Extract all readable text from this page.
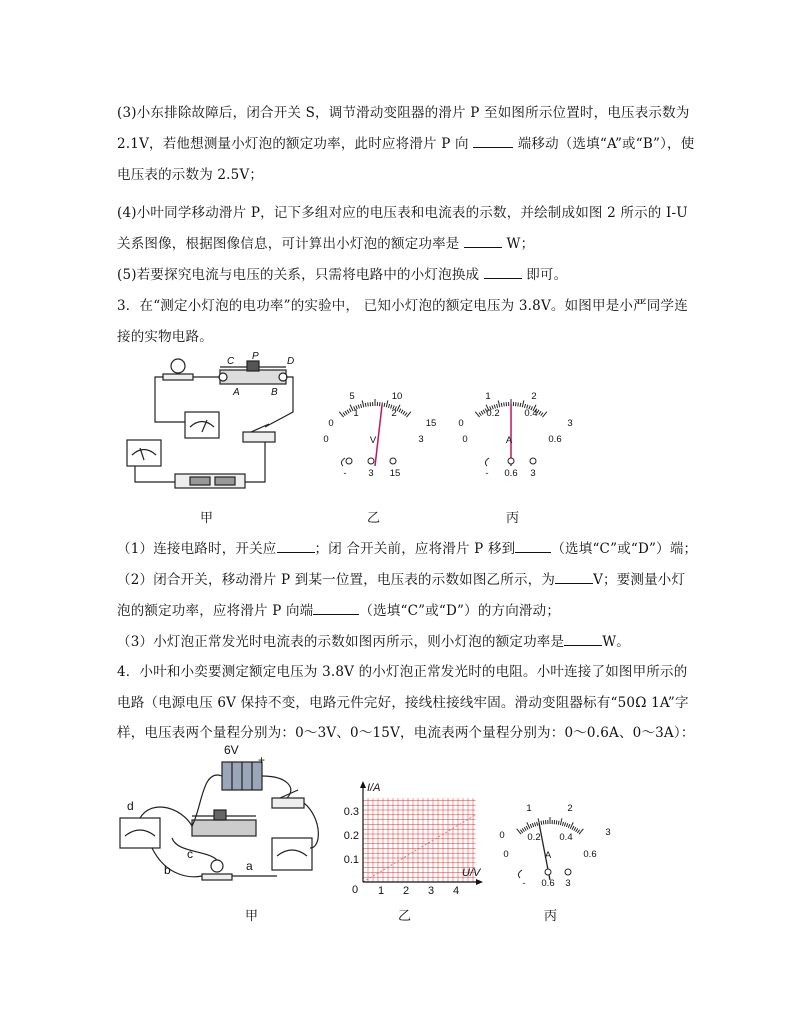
(3)小东排除故障后，闭合开关 S，调节滑动变阻器的滑片 P 至如图所示位置时，电压表示数为
2.1V，若他想测量小灯泡的额定功率，此时应将滑片 P 向	端移动（选填“A”或“B”），使
电压表的示数为 2.5V；
(4)小叶同学移动滑片 P，记下多组对应的电压表和电流表的示数，并绘制成如图 2 所示的 I-U
关系图像，根据图像信息，可计算出小灯泡的额定功率是	W；
(5)若要探究电流与电压的关系，只需将电路中的小灯泡换成	即可。
3．在“测定小灯泡的电功率”的实验中， 已知小灯泡的额定电压为 3.8V。如图甲是小严同学连
接的实物电路。
C P	D
A	B
0
5	10
15
0
1	2
3
V
- 3 15
0
1	2
3
0
0.2	0.4
0.6
A
- 0.6 3
甲	乙	丙
（1）连接电路时，开关应	；闭 合开关前，应将滑片 P 移到	（选填“C”或“D”）端；
（2）闭合开关，移动滑片 P 到某一位置，电压表的示数如图乙所示，为	V；要测量小灯
泡的额定功率，应将滑片 P 向端	（选填“C”或“D”）的方向滑动；
（3）小灯泡正常发光时电流表的示数如图丙所示，则小灯泡的额定功率是	W。
4．小叶和小奕要测定额定电压为 3.8V 的小灯泡正常发光时的电阻。小叶连接了如图甲所示的
电路（电源电压 6V 保持不变，电路元件完好，接线柱接线牢固。滑动变阻器标有“50Ω 1A”字
样，电压表两个量程分别为：0～3V、0～15V，电流表两个量程分别为：0～0.6A、0～3A）：
6V
+
d
c
b	a
I/A
U/V
0 1 2 3 4
0.1
0.2
0.3
0
1	2
3
0
0.2 0.4
0.6
A
- 0.6 3
甲	乙	丙
